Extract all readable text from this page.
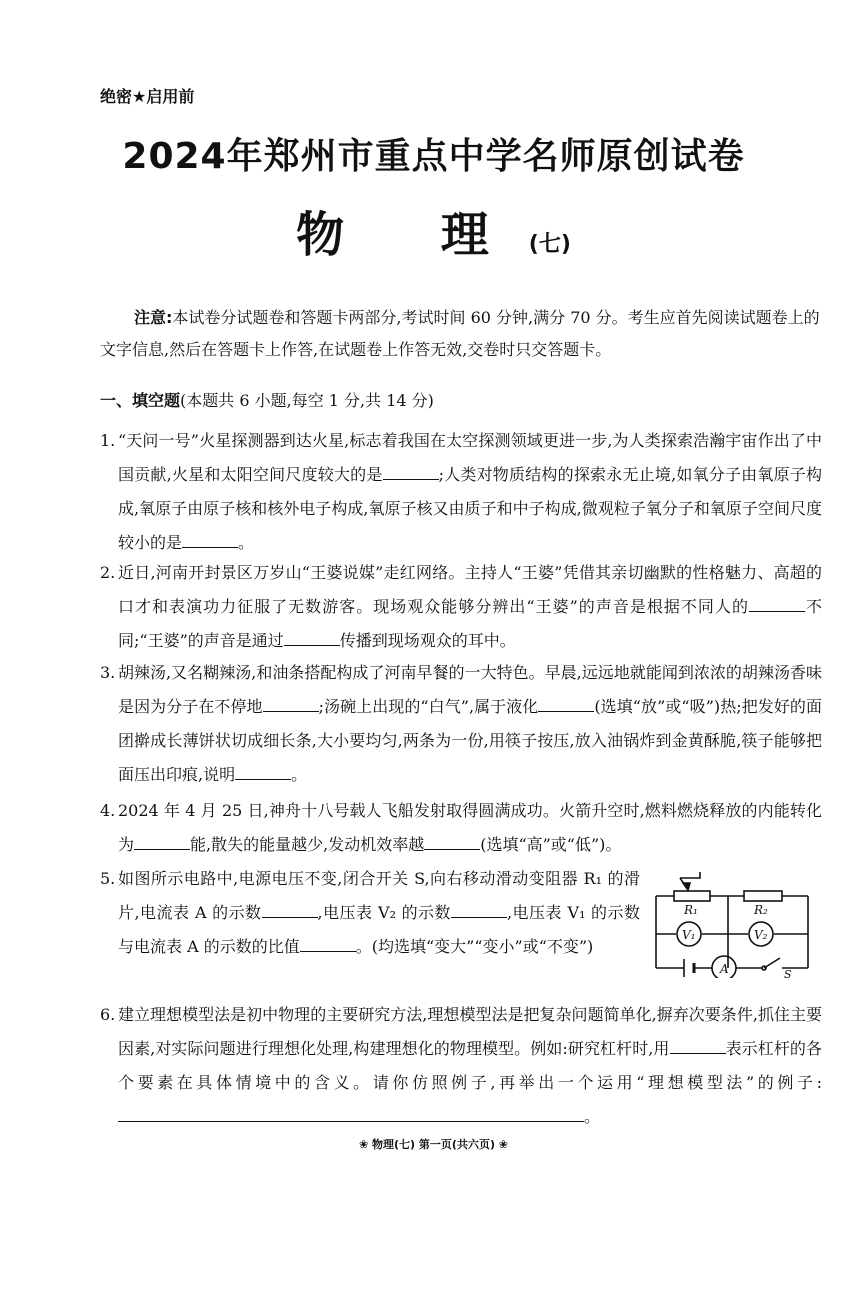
绝密★启用前
2024年郑州市重点中学名师原创试卷
物 理(七)
注意:本试卷分试题卷和答题卡两部分,考试时间 60 分钟,满分 70 分。考生应首先阅读试题卷上的文字信息,然后在答题卡上作答,在试题卷上作答无效,交卷时只交答题卡。
一、填空题(本题共 6 小题,每空 1 分,共 14 分)
1. “天问一号”火星探测器到达火星,标志着我国在太空探测领域更进一步,为人类探索浩瀚宇宙作出了中国贡献,火星和太阳空间尺度较大的是	;人类对物质结构的探索永无止境,如氧分子由氧原子构成,氧原子由原子核和核外电子构成,氧原子核又由质子和中子构成,微观粒子氧分子和氧原子空间尺度较小的是	。
2. 近日,河南开封景区万岁山“王婆说媒”走红网络。主持人“王婆”凭借其亲切幽默的性格魅力、高超的口才和表演功力征服了无数游客。现场观众能够分辨出“王婆”的声音是根据不同人的	不同;“王婆”的声音是通过	传播到现场观众的耳中。
3. 胡辣汤,又名糊辣汤,和油条搭配构成了河南早餐的一大特色。早晨,远远地就能闻到浓浓的胡辣汤香味是因为分子在不停地	;汤碗上出现的“白气”,属于液化	(选填“放”或“吸”)热;把发好的面团擀成长薄饼状切成细长条,大小要均匀,两条为一份,用筷子按压,放入油锅炸到金黄酥脆,筷子能够把面压出印痕,说明	。
4. 2024 年 4 月 25 日,神舟十八号载人飞船发射取得圆满成功。火箭升空时,燃料燃烧释放的内能转化为	能,散失的能量越少,发动机效率越	(选填“高”或“低”)。
5. 如图所示电路中,电源电压不变,闭合开关 S,向右移动滑动变阻器 R₁ 的滑片,电流表 A 的示数	,电压表 V₂ 的示数	,电压表 V₁ 的示数与电流表 A 的示数的比值	。(均选填“变大”“变小”或“不变”)
R₁	R₂
V₁	V₂
A	S
6. 建立理想模型法是初中物理的主要研究方法,理想模型法是把复杂问题简单化,摒弃次要条件,抓住主要因素,对实际问题进行理想化处理,构建理想化的物理模型。例如:研究杠杆时,用	表示杠杆的各个要素在具体情境中的含义。请你仿照例子,再举出一个运用“理想模型法”的例子:。
❀ 物理(七) 第一页(共六页) ❀
